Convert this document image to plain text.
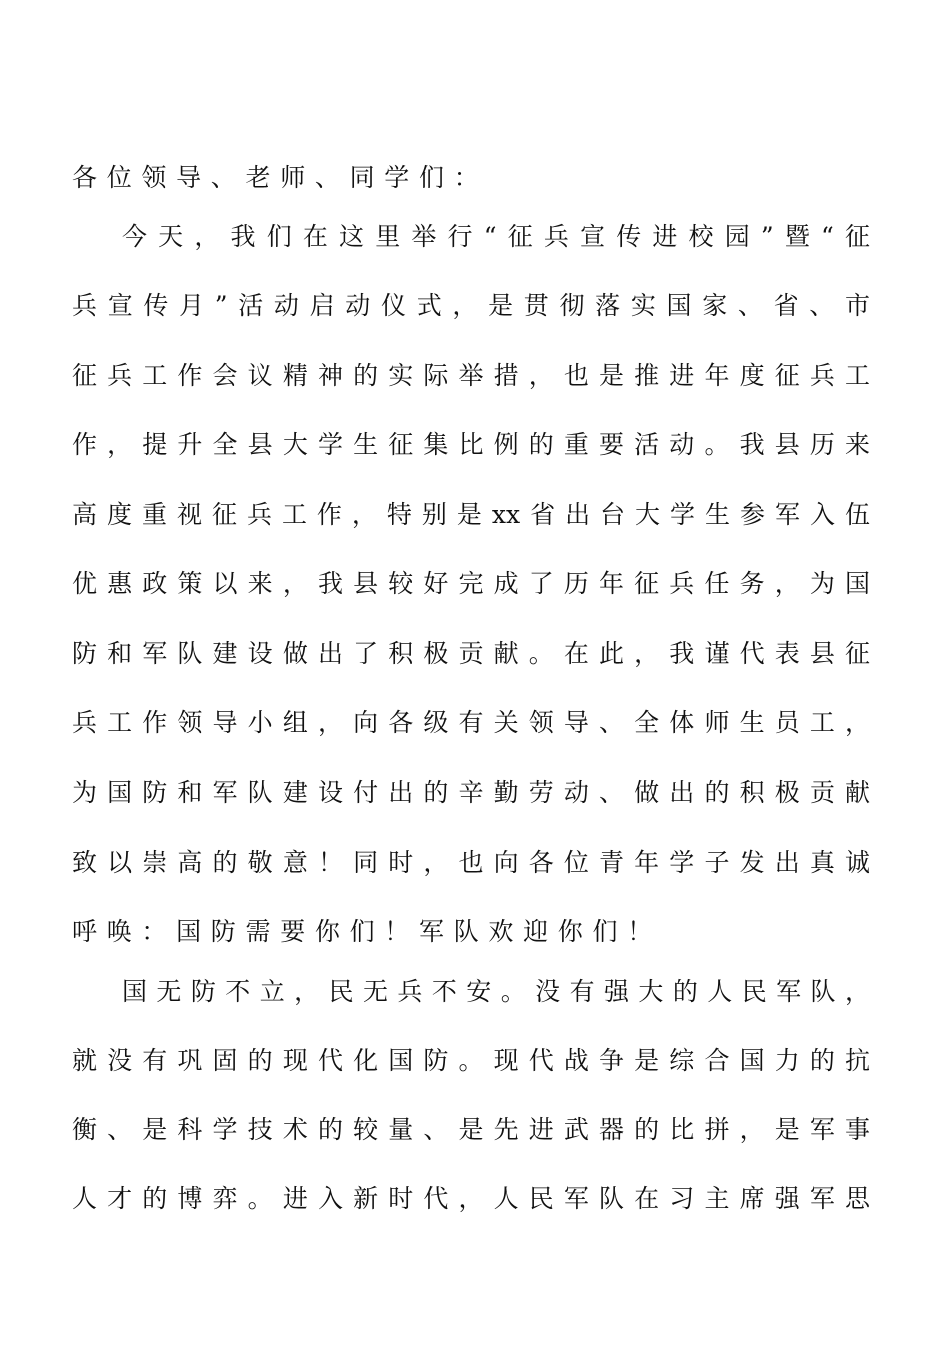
各位领导、老师、同学们：
今天，我们在这里举行“征兵宣传进校园”暨“征
兵宣传月”活动启动仪式，是贯彻落实国家、省、市
征兵工作会议精神的实际举措，也是推进年度征兵工
作，提升全县大学生征集比例的重要活动。我县历来
高度重视征兵工作，特别是xx省出台大学生参军入伍
优惠政策以来，我县较好完成了历年征兵任务，为国
防和军队建设做出了积极贡献。在此，我谨代表县征
兵工作领导小组，向各级有关领导、全体师生员工，
为国防和军队建设付出的辛勤劳动、做出的积极贡献
致以崇高的敬意！同时，也向各位青年学子发出真诚
呼唤：国防需要你们！军队欢迎你们！
国无防不立，民无兵不安。没有强大的人民军队，
就没有巩固的现代化国防。现代战争是综合国力的抗
衡、是科学技术的较量、是先进武器的比拼，是军事
人才的博弈。进入新时代，人民军队在习主席强军思
